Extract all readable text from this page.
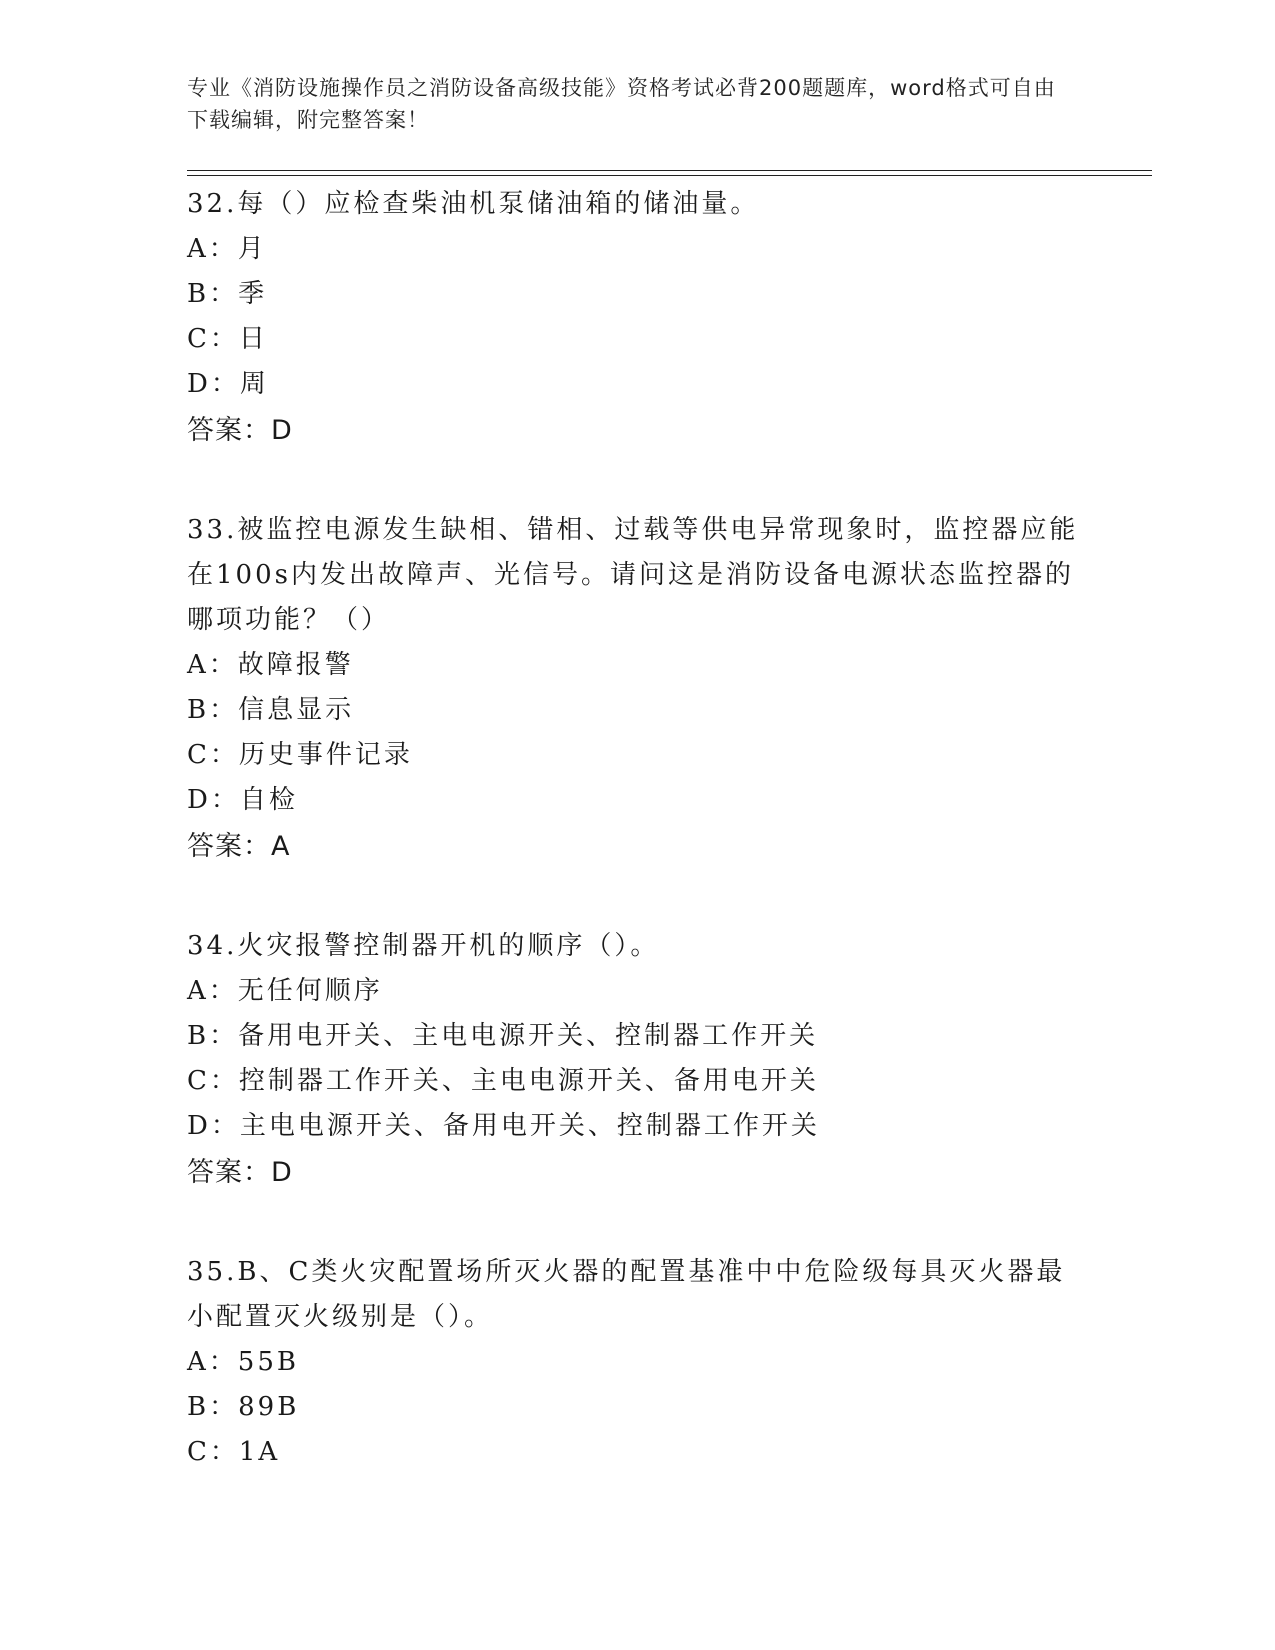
专业《消防设施操作员之消防设备高级技能》资格考试必背200题题库，word格式可自由下载编辑，附完整答案！
32.每（）应检查柴油机泵储油箱的储油量。
A：月
B：季
C：日
D：周
答案：D
33.被监控电源发生缺相、错相、过载等供电异常现象时，监控器应能在100s内发出故障声、光信号。请问这是消防设备电源状态监控器的哪项功能？（）
A：故障报警
B：信息显示
C：历史事件记录
D：自检
答案：A
34.火灾报警控制器开机的顺序（）。
A：无任何顺序
B：备用电开关、主电电源开关、控制器工作开关
C：控制器工作开关、主电电源开关、备用电开关
D：主电电源开关、备用电开关、控制器工作开关
答案：D
35.B、C类火灾配置场所灭火器的配置基准中中危险级每具灭火器最小配置灭火级别是（）。
A：55B
B：89B
C：1A
